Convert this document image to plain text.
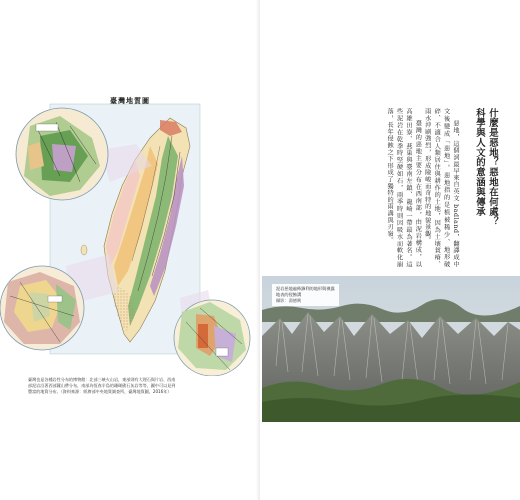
臺灣地質圖
臺灣也是各種岩性分布的博物館：北部三峽火山岩，東部則有大理石與片岩、西南
部泥岩沿著西部麓山帶分布，南部為恆春半島的珊瑚礁石灰岩等等，圖中可以見到
豐富的地質分布。（資料來源：經濟部中央地質調查所，臺灣地質圖，2016年）
什麼是惡地？惡地在何處？
科學與人文的意涵與傳承

惡地，這個詞最早來自英文 badland，翻譯成中文後變成「惡地」。惡地指的是植被稀少、地形破碎、不適合人類居住與耕作的土地，因為土壤貧瘠、雨水沖刷強烈，形成險峻而奇特的地貌景觀。

臺灣的惡地主要分布在西南部，由泥岩構成，以高雄田寮、燕巢與臺南左鎮、龍崎一帶最為著名。這些泥岩在乾季時堅硬如石，雨季時則因吸水而軟化崩落，長年侵蝕之下形成了獨特的雨溝與刃嶺。

泥岩惡地遍佈鋒利的地形與裸露
地表的侵蝕溝
攝影：湯德興
